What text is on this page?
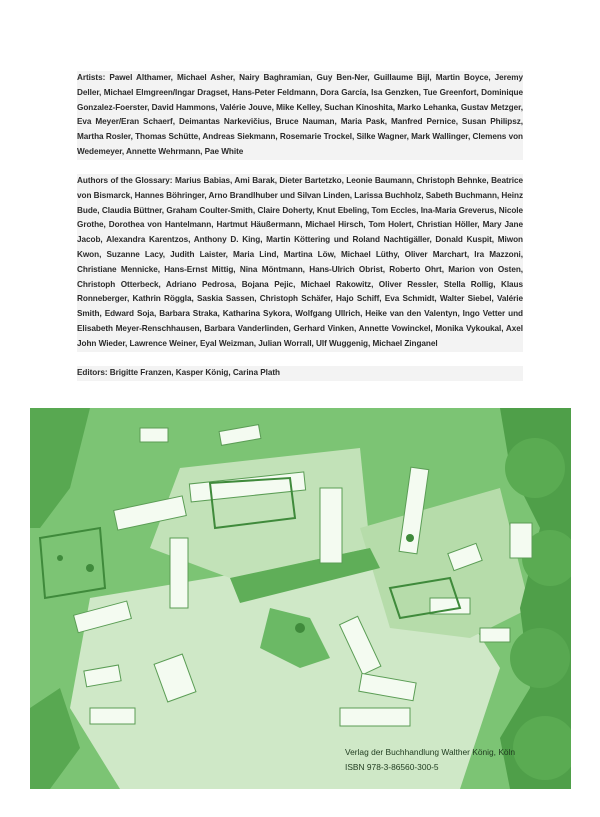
Artists: Pawel Althamer, Michael Asher, Nairy Baghramian, Guy Ben-Ner, Guillaume Bijl, Martin Boyce, Jeremy Deller, Michael Elmgreen/Ingar Dragset, Hans-Peter Feldmann, Dora García, Isa Genzken, Tue Greenfort, Dominique Gonzalez-Foerster, David Hammons, Valérie Jouve, Mike Kelley, Suchan Kinoshita, Marko Lehanka, Gustav Metzger, Eva Meyer/Eran Schaerf, Deimantas Narkevičius, Bruce Nauman, Maria Pask, Manfred Pernice, Susan Philipsz, Martha Rosler, Thomas Schütte, Andreas Siekmann, Rosemarie Trockel, Silke Wagner, Mark Wallinger, Clemens von Wedemeyer, Annette Wehrmann, Pae White

Authors of the Glossary: Marius Babias, Ami Barak, Dieter Bartetzko, Leonie Baumann, Christoph Behnke, Beatrice von Bismarck, Hannes Böhringer, Arno Brandlhuber und Silvan Linden, Larissa Buchholz, Sabeth Buchmann, Heinz Bude, Claudia Büttner, Graham Coulter-Smith, Claire Doherty, Knut Ebeling, Tom Eccles, Ina-Maria Greverus, Nicole Grothe, Dorothea von Hantelmann, Hartmut Häußermann, Michael Hirsch, Tom Holert, Christian Höller, Mary Jane Jacob, Alexandra Karentzos, Anthony D. King, Martin Köttering und Roland Nachtigäller, Donald Kuspit, Miwon Kwon, Suzanne Lacy, Judith Laister, Maria Lind, Martina Löw, Michael Lüthy, Oliver Marchart, Ira Mazzoni, Christiane Mennicke, Hans-Ernst Mittig, Nina Möntmann, Hans-Ulrich Obrist, Roberto Ohrt, Marion von Osten, Christoph Otterbeck, Adriano Pedrosa, Bojana Pejic, Michael Rakowitz, Oliver Ressler, Stella Rollig, Klaus Ronneberger, Kathrin Röggla, Saskia Sassen, Christoph Schäfer, Hajo Schiff, Eva Schmidt, Walter Siebel, Valérie Smith, Edward Soja, Barbara Straka, Katharina Sykora, Wolfgang Ullrich, Heike van den Valentyn, Ingo Vetter und Elisabeth Meyer-Renschhausen, Barbara Vanderlinden, Gerhard Vinken, Annette Vowinckel, Monika Vykoukal, Axel John Wieder, Lawrence Weiner, Eyal Weizman, Julian Worrall, Ulf Wuggenig, Michael Zinganel

Editors: Brigitte Franzen, Kasper König, Carina Plath

Verlag der Buchhandlung Walther König, Köln
ISBN 978-3-86560-300-5
